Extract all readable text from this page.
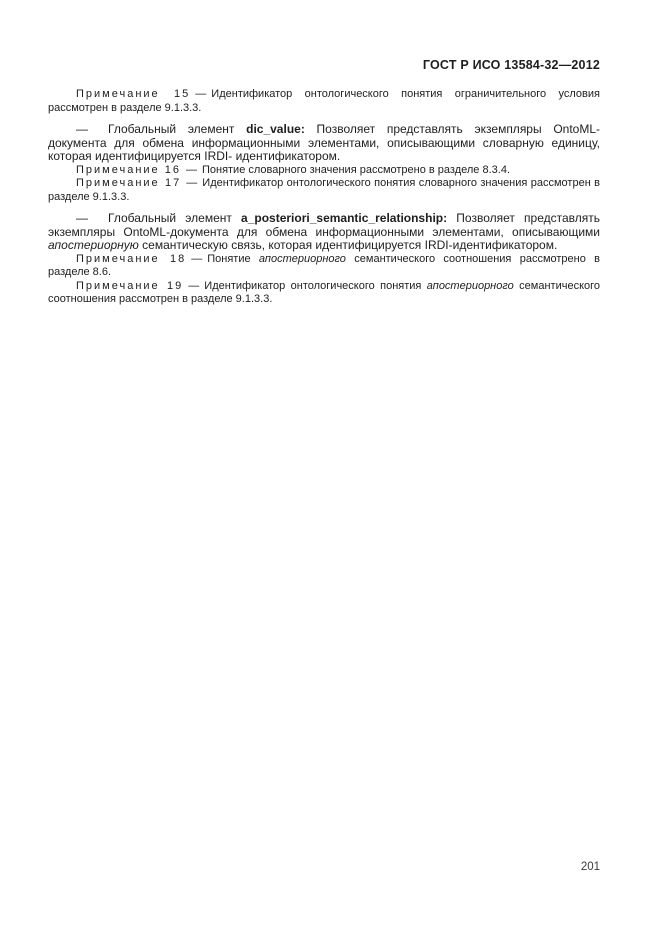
ГОСТ Р ИСО 13584-32—2012

Примечание 15 — Идентификатор онтологического понятия ограничительного условия рассмотрен в разделе 9.1.3.3.

— Глобальный элемент dic_value: Позволяет представлять экземпляры OntoML-документа для обмена информационными элементами, описывающими словарную единицу, которая идентифицируется IRDI- идентификатором.

Примечание 16 — Понятие словарного значения рассмотрено в разделе 8.3.4.

Примечание 17 — Идентификатор онтологического понятия словарного значения рассмотрен в разделе 9.1.3.3.

— Глобальный элемент a_posteriori_semantic_relationship: Позволяет представлять экземпляры OntoML-документа для обмена информационными элементами, описывающими апостериорную семантическую связь, которая идентифицируется IRDI-идентификатором.

Примечание 18 — Понятие апостериорного семантического соотношения рассмотрено в разделе 8.6.

Примечание 19 — Идентификатор онтологического понятия апостериорного семантического соотношения рассмотрен в разделе 9.1.3.3.

201
